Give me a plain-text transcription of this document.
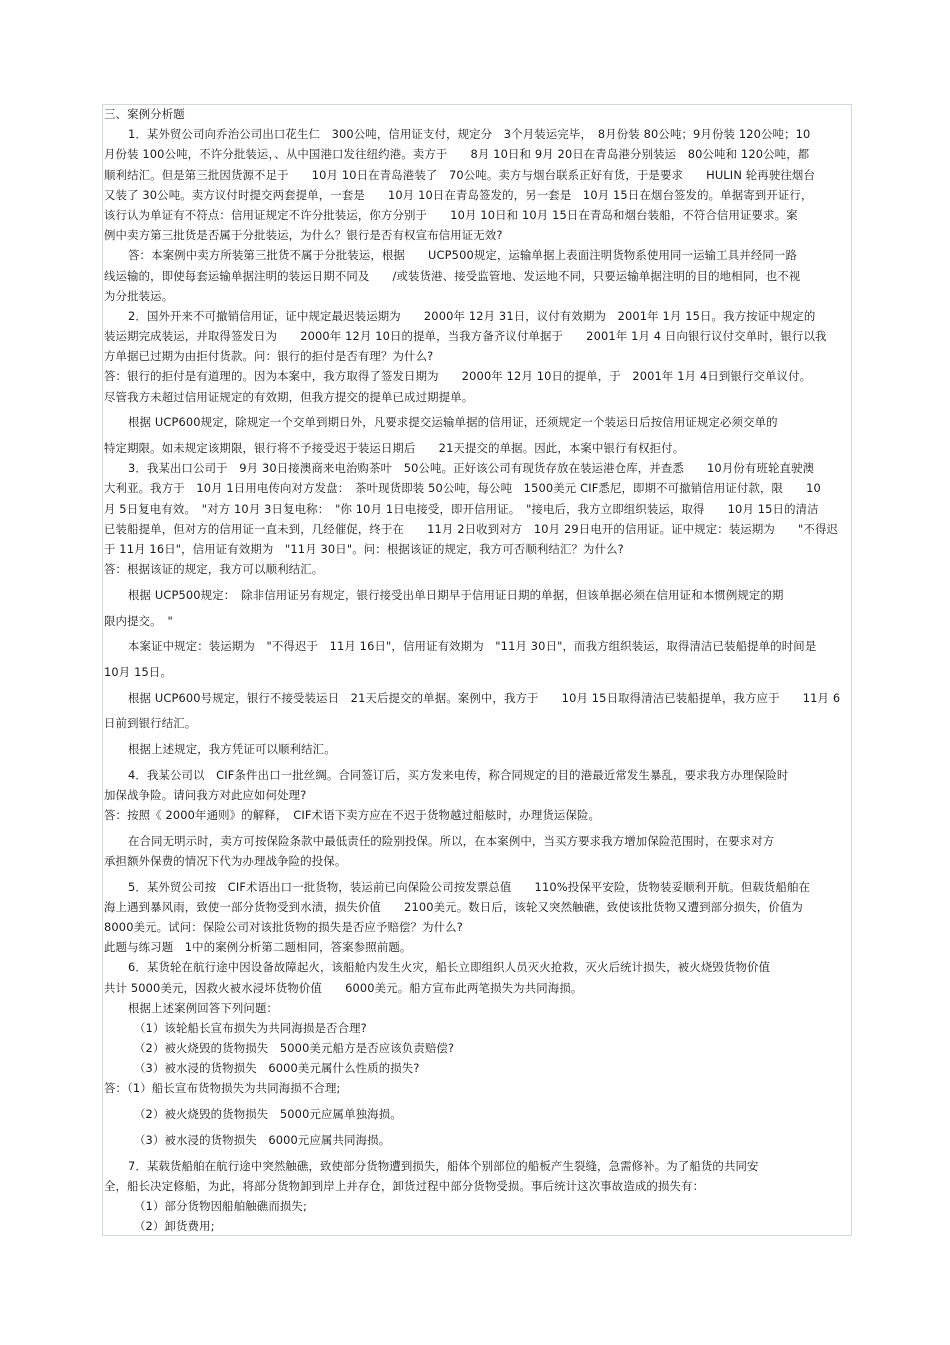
三、案例分析题
1．某外贸公司向乔治公司出口花生仁　300公吨，信用证支付，规定分　3个月装运完毕，　8月份装 80公吨；9月份装 120公吨；10
月份装 100公吨，不许分批装运，、从中国港口发往纽约港。卖方于　　8月 10日和 9月 20日在青岛港分别装运　80公吨和 120公吨，都
顺利结汇。但是第三批因货源不足于　　10月 10日在青岛港装了　70公吨。卖方与烟台联系正好有货，于是要求　　HULIN 轮再驶往烟台
又装了 30公吨。卖方议付时提交两套提单，一套是　　10月 10日在青岛签发的，另一套是　10月 15日在烟台签发的。单据寄到开证行，
该行认为单证有不符点：信用证规定不许分批装运，你方分别于　　10月 10日和 10月 15日在青岛和烟台装船，不符合信用证要求。案
例中卖方第三批货是否属于分批装运，为什么？银行是否有权宣布信用证无效?
答：本案例中卖方所装第三批货不属于分批装运，根据　　UCP500规定，运输单据上表面注明货物系使用同一运输工具并经同一路
线运输的，即使每套运输单据注明的装运日期不同及　　/或装货港、接受监管地、发运地不同，只要运输单据注明的目的地相同，也不视
为分批装运。
2．国外开来不可撤销信用证，证中规定最迟装运期为　　2000年 12月 31日，议付有效期为　2001年 1月 15日。我方按证中规定的
装运期完成装运，并取得签发日为　　2000年 12月 10日的提单，当我方备齐议付单据于　　2001年 1月 4 日向银行议付交单时，银行以我
方单据已过期为由拒付货款。问：银行的拒付是否有理？为什么?
答：银行的拒付是有道理的。因为本案中，我方取得了签发日期为　　2000年 12月 10日的提单，于　2001年 1月 4日到银行交单议付。
尽管我方未超过信用证规定的有效期，但我方提交的提单已成过期提单。
根据 UCP600规定，除规定一个交单到期日外，凡要求提交运输单据的信用证，还须规定一个装运日后按信用证规定必须交单的
特定期限。如未规定该期限，银行将不予接受迟于装运日期后　　21天提交的单据。因此，本案中银行有权拒付。
3．我某出口公司于　9月 30日接澳商来电治购茶叶　50公吨。正好该公司有现货存放在装运港仓库，并查悉　　10月份有班轮直驶澳
大利亚。我方于　10月 1日用电传向对方发盘：　茶叶现货即装 50公吨，每公吨　1500美元 CIF悉尼，即期不可撤销信用证付款，限　　10
月 5日复电有效。　"对方 10月 3日复电称：　"你 10月 1日电接受，即开信用证。　"接电后，我方立即组织装运，取得　　10月 15日的清洁
已装船提单，但对方的信用证一直未到，几经催促，终于在　　11月 2日收到对方　10月 29日电开的信用证。证中规定：装运期为　　"不得迟
于 11月 16日"，信用证有效期为　"11月 30日"。问：根据该证的规定，我方可否顺利结汇？为什么?
答：根据该证的规定，我方可以顺利结汇。
根据 UCP500规定：　除非信用证另有规定，银行接受出单日期早于信用证日期的单据，但该单据必须在信用证和本惯例规定的期
限内提交。　"
本案证中规定：装运期为　"不得迟于　11月 16日"，信用证有效期为　"11月 30日"，而我方组织装运，取得清洁已装船提单的时间是
10月 15日。
根据 UCP600号规定，银行不接受装运日　21天后提交的单据。案例中，我方于　　10月 15日取得清洁已装船提单，我方应于　　11月 6
日前到银行结汇。
根据上述规定，我方凭证可以顺利结汇。
4．我某公司以　CIF条件出口一批丝绸。合同签订后，买方发来电传，称合同规定的目的港最近常发生暴乱，要求我方办理保险时
加保战争险。请问我方对此应如何处理?
答：按照《 2000年通则》的解释，　CIF术语下卖方应在不迟于货物越过船舷时，办理货运保险。
在合同无明示时，卖方可按保险条款中最低责任的险别投保。所以，在本案例中，当买方要求我方增加保险范围时，在要求对方
承担额外保费的情况下代为办理战争险的投保。
5．某外贸公司按　CIF术语出口一批货物，装运前已向保险公司按发票总值　　110%投保平安险，货物装妥顺利开航。但载货船舶在
海上遇到暴风雨，致使一部分货物受到水渍，损失价值　　2100美元。数日后，该轮又突然触礁，致使该批货物又遭到部分损失，价值为
8000美元。试问：保险公司对该批货物的损失是否应予赔偿？为什么?
此题与练习题　1中的案例分析第二题相同，答案参照前题。
6．某货轮在航行途中因设备故障起火，该船舱内发生火灾，船长立即组织人员灭火抢救，灭火后统计损失，被火烧毁货物价值
共计 5000美元，因救火被水浸坏货物价值　　6000美元。船方宣布此两笔损失为共同海损。
根据上述案例回答下列问题：
（1）该轮船长宣布损失为共同海损是否合理?
（2）被火烧毁的货物损失　5000美元船方是否应该负责赔偿?
（3）被水浸的货物损失　6000美元属什么性质的损失?
答：（1）船长宣布货物损失为共同海损不合理;
（2）被火烧毁的货物损失　5000元应属单独海损。
（3）被水浸的货物损失　6000元应属共同海损。
7．某载货船舶在航行途中突然触礁，致使部分货物遭到损失，船体个别部位的船板产生裂缝，急需修补。为了船货的共同安
全，船长决定修船，为此，将部分货物卸到岸上并存仓，卸货过程中部分货物受损。事后统计这次事故造成的损失有：
（1）部分货物因船舶触礁而损失;
（2）卸货费用;
